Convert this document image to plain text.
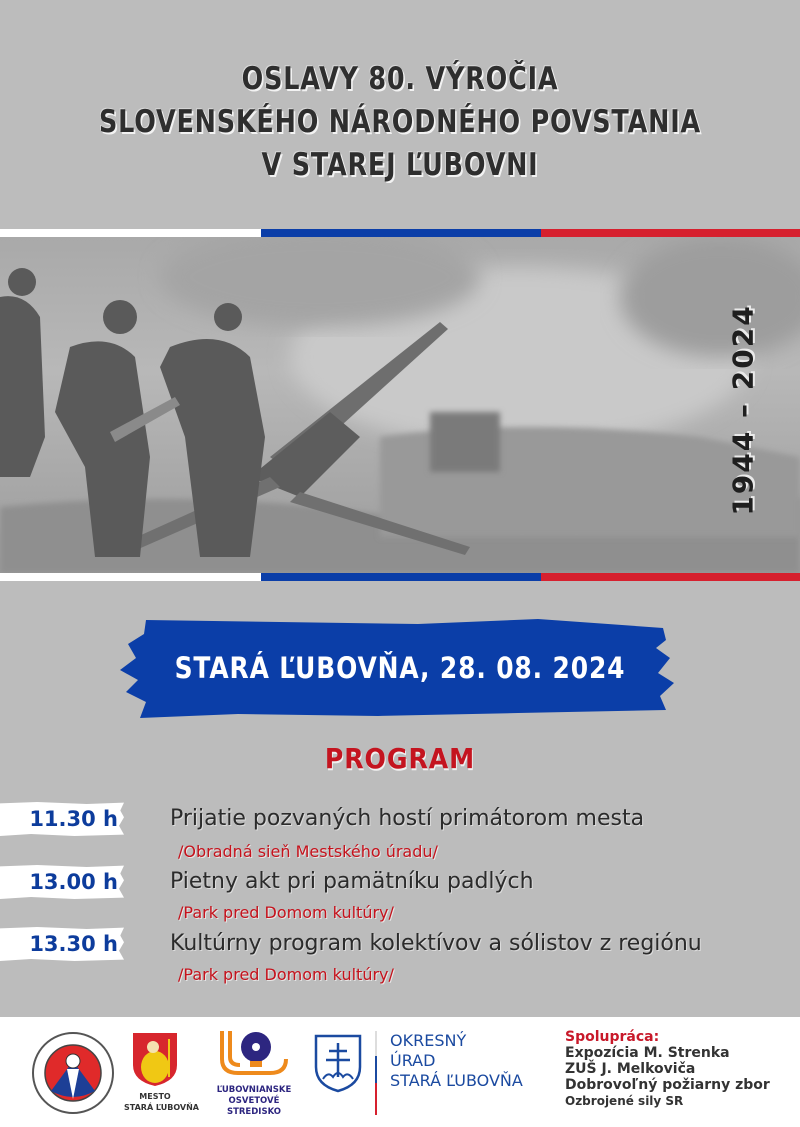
OSLAVY 80. VÝROČIA
SLOVENSKÉHO NÁRODNÉHO POVSTANIA
V STAREJ ĽUBOVNI
1944 – 2024
STARÁ ĽUBOVŇA, 28. 08. 2024
PROGRAM
11.30 h Prijatie pozvaných hostí primátorom mesta
/Obradná sieň Mestského úradu/
13.00 h Pietny akt pri pamätníku padlých
/Park pred Domom kultúry/
13.30 h Kultúrny program kolektívov a sólistov z regiónu
/Park pred Domom kultúry/
MESTO
STARÁ ĽUBOVŇA
ĽUBOVNIANSKE
OSVETOVÉ
STREDISKO
OKRESNÝ
ÚRAD
STARÁ ĽUBOVŇA
Spolupráca:
Expozícia M. Strenka
ZUŠ J. Melkoviča
Dobrovoľný požiarny zbor
Ozbrojené sily SR
